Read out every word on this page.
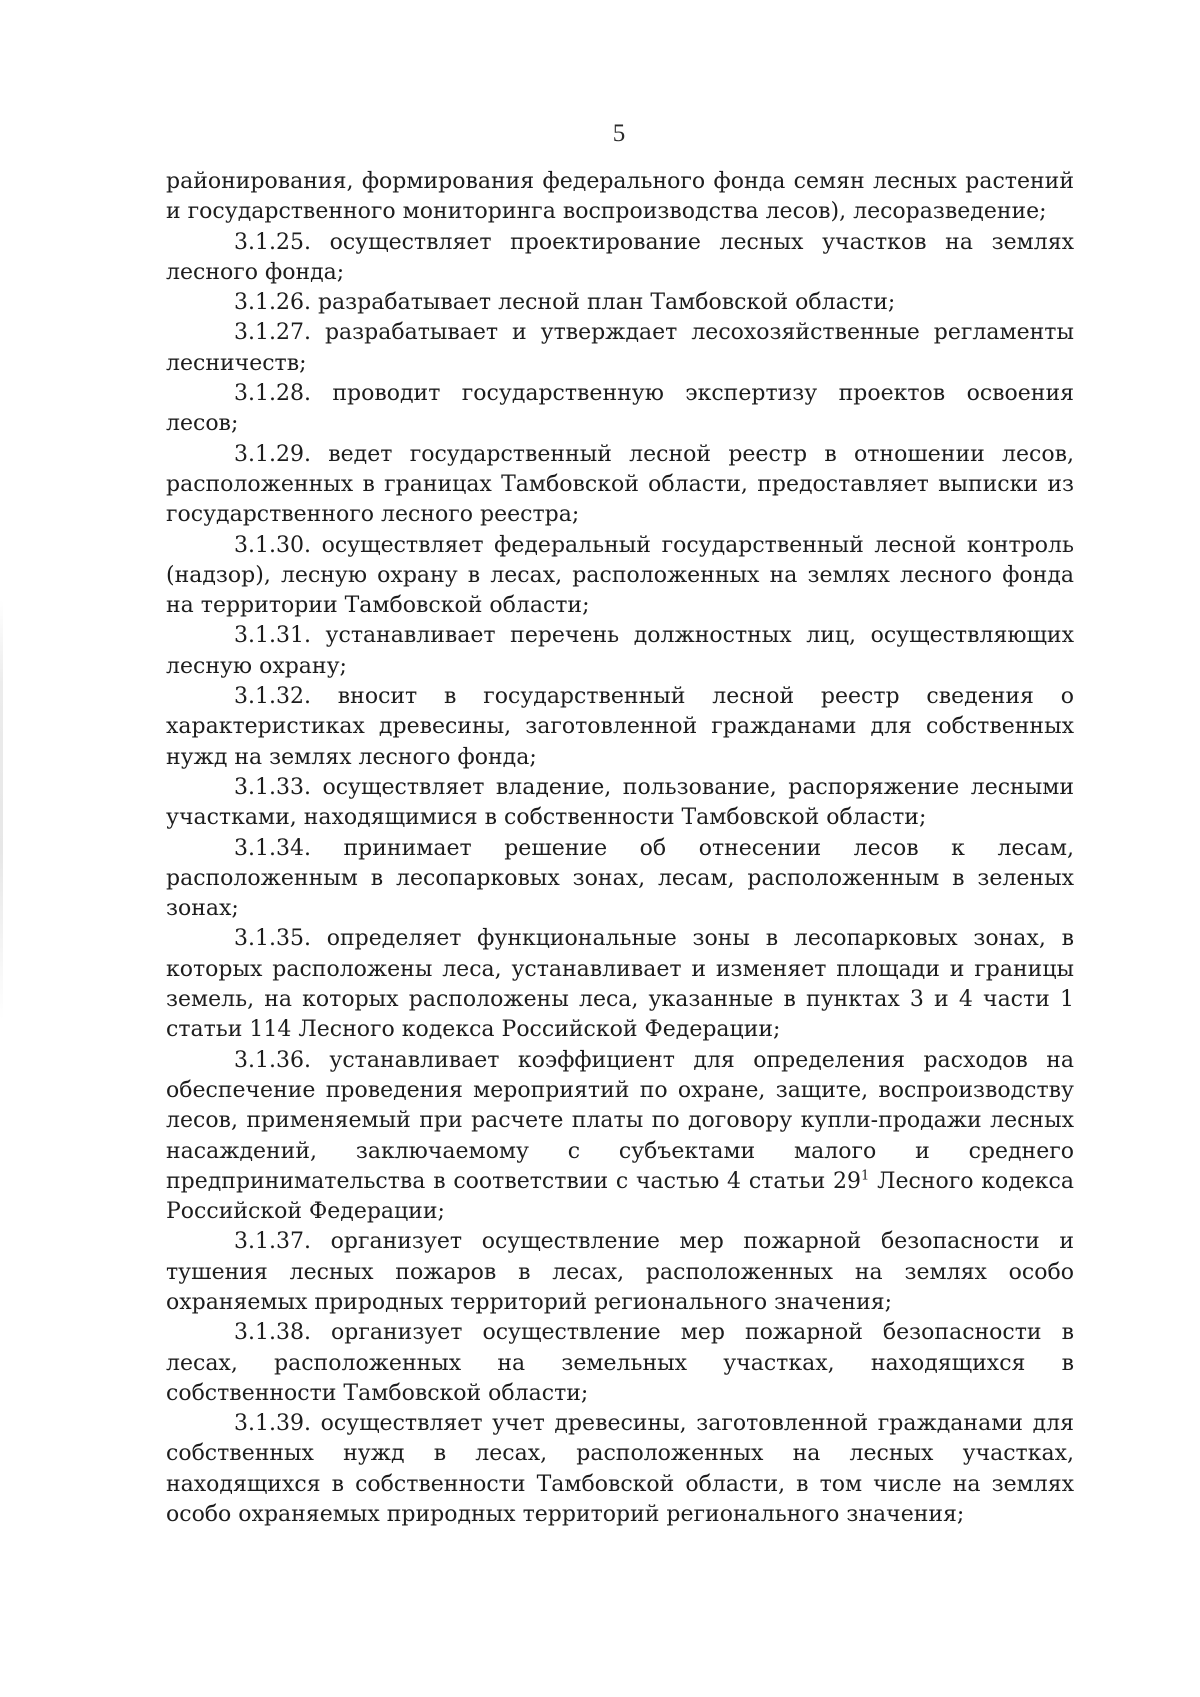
5

районирования, формирования федерального фонда семян лесных растений и государственного мониторинга воспроизводства лесов), лесоразведение;

3.1.25. осуществляет проектирование лесных участков на землях лесного фонда;

3.1.26. разрабатывает лесной план Тамбовской области;

3.1.27. разрабатывает и утверждает лесохозяйственные регламенты лесничеств;

3.1.28. проводит государственную экспертизу проектов освоения лесов;

3.1.29. ведет государственный лесной реестр в отношении лесов, расположенных в границах Тамбовской области, предоставляет выписки из государственного лесного реестра;

3.1.30. осуществляет федеральный государственный лесной контроль (надзор), лесную охрану в лесах, расположенных на землях лесного фонда на территории Тамбовской области;

3.1.31. устанавливает перечень должностных лиц, осуществляющих лесную охрану;

3.1.32. вносит в государственный лесной реестр сведения о характеристиках древесины, заготовленной гражданами для собственных нужд на землях лесного фонда;

3.1.33. осуществляет владение, пользование, распоряжение лесными участками, находящимися в собственности Тамбовской области;

3.1.34. принимает решение об отнесении лесов к лесам, расположенным в лесопарковых зонах, лесам, расположенным в зеленых зонах;

3.1.35. определяет функциональные зоны в лесопарковых зонах, в которых расположены леса, устанавливает и изменяет площади и границы земель, на которых расположены леса, указанные в пунктах 3 и 4 части 1 статьи 114 Лесного кодекса Российской Федерации;

3.1.36. устанавливает коэффициент для определения расходов на обеспечение проведения мероприятий по охране, защите, воспроизводству лесов, применяемый при расчете платы по договору купли-продажи лесных насаждений, заключаемому с субъектами малого и среднего предпринимательства в соответствии с частью 4 статьи $29^1$ Лесного кодекса Российской Федерации;

3.1.37. организует осуществление мер пожарной безопасности и тушения лесных пожаров в лесах, расположенных на землях особо охраняемых природных территорий регионального значения;

3.1.38. организует осуществление мер пожарной безопасности в лесах, расположенных на земельных участках, находящихся в собственности Тамбовской области;

3.1.39. осуществляет учет древесины, заготовленной гражданами для собственных нужд в лесах, расположенных на лесных участках, находящихся в собственности Тамбовской области, в том числе на землях особо охраняемых природных территорий регионального значения;
